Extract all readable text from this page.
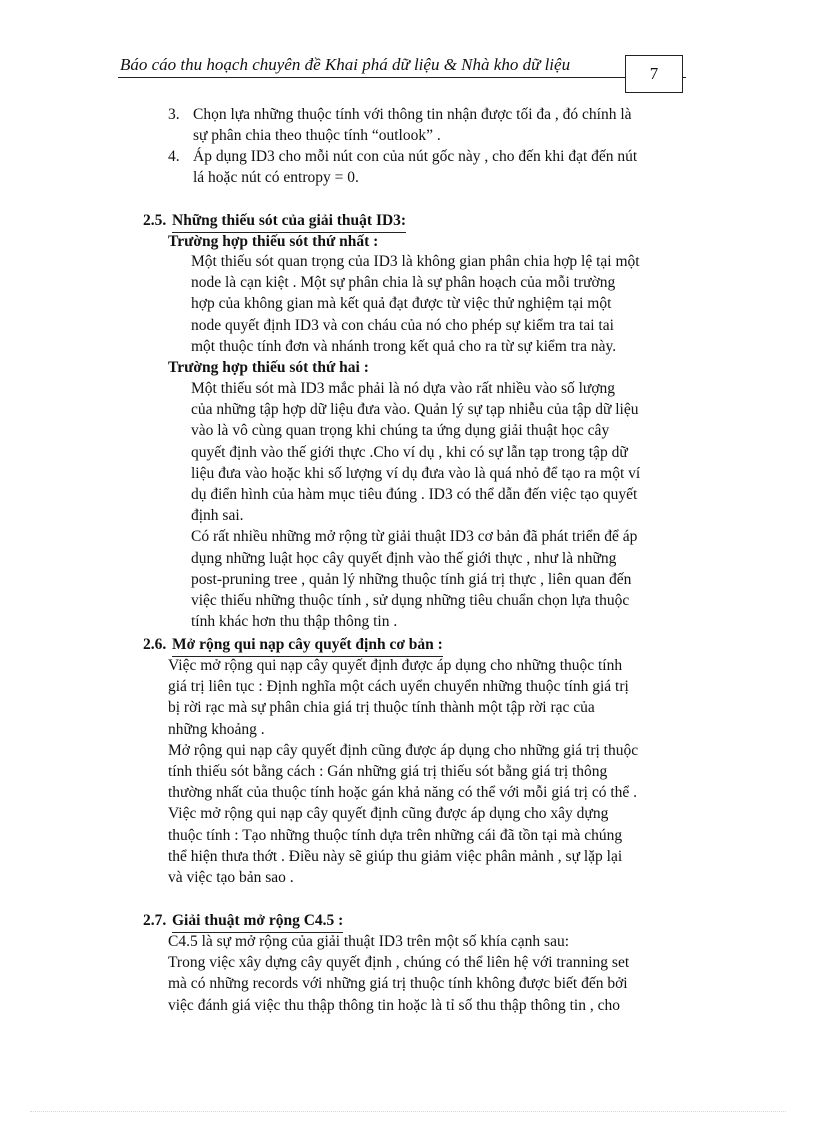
Báo cáo thu hoạch chuyên đề Khai phá dữ liệu & Nhà kho dữ liệu	7
3. Chọn lựa những thuộc tính với thông tin nhận được tối đa , đó chính là
sự phân chia theo thuộc tính “outlook” .
4. Áp dụng ID3 cho mỗi nút con của nút gốc này , cho đến khi đạt đến nút
lá hoặc nút có entropy = 0.
2.5. Những thiếu sót của giải thuật ID3:
Trường hợp thiếu sót thứ nhất :
Một thiếu sót quan trọng của ID3 là không gian phân chia hợp lệ tại một
node là cạn kiệt . Một sự phân chia là sự phân hoạch của mỗi trường
hợp của không gian mà kết quả đạt được từ việc thử nghiệm tại một
node quyết định ID3 và con cháu của nó cho phép sự kiểm tra tai tai
một thuộc tính đơn và nhánh trong kết quả cho ra từ sự kiểm tra này.
Trường hợp thiếu sót thứ hai :
Một thiếu sót mà ID3 mắc phải là nó dựa vào rất nhiều vào số lượng
của những tập hợp dữ liệu đưa vào. Quản lý sự tạp nhiễu của tập dữ liệu
vào là vô cùng quan trọng khi chúng ta ứng dụng giải thuật học cây
quyết định vào thế giới thực .Cho ví dụ , khi có sự lẫn tạp trong tập dữ
liệu đưa vào hoặc khi số lượng ví dụ đưa vào là quá nhỏ để tạo ra một ví
dụ điển hình của hàm mục tiêu đúng . ID3 có thể dẫn đến việc tạo quyết
định sai.
Có rất nhiều những mở rộng từ giải thuật ID3 cơ bản đã phát triển để áp
dụng những luật học cây quyết định vào thế giới thực , như là những
post-pruning tree , quản lý những thuộc tính giá trị thực , liên quan đến
việc thiếu những thuộc tính , sử dụng những tiêu chuẩn chọn lựa thuộc
tính khác hơn thu thập thông tin .
2.6. Mở rộng qui nạp cây quyết định cơ bản :
Việc mở rộng qui nạp cây quyết định được áp dụng cho những thuộc tính
giá trị liên tục : Định nghĩa một cách uyển chuyển những thuộc tính giá trị
bị rời rạc mà sự phân chia giá trị thuộc tính thành một tập rời rạc của
những khoảng .
Mở rộng qui nạp cây quyết định cũng được áp dụng cho những giá trị thuộc
tính thiếu sót bằng cách : Gán những giá trị thiếu sót bằng giá trị thông
thường nhất của thuộc tính hoặc gán khả năng có thể với mỗi giá trị có thể .
Việc mở rộng qui nạp cây quyết định cũng được áp dụng cho xây dựng
thuộc tính : Tạo những thuộc tính dựa trên những cái đã tồn tại mà chúng
thể hiện thưa thớt . Điều này sẽ giúp thu giảm việc phân mảnh , sự lặp lại
và việc tạo bản sao .
2.7. Giải thuật mở rộng C4.5 :
C4.5 là sự mở rộng của giải thuật ID3 trên một số khía cạnh sau:
Trong việc xây dựng cây quyết định , chúng có thể liên hệ với tranning set
mà có những records với những giá trị thuộc tính không được biết đến bởi
việc đánh giá việc thu thập thông tin hoặc là tỉ số thu thập thông tin , cho
